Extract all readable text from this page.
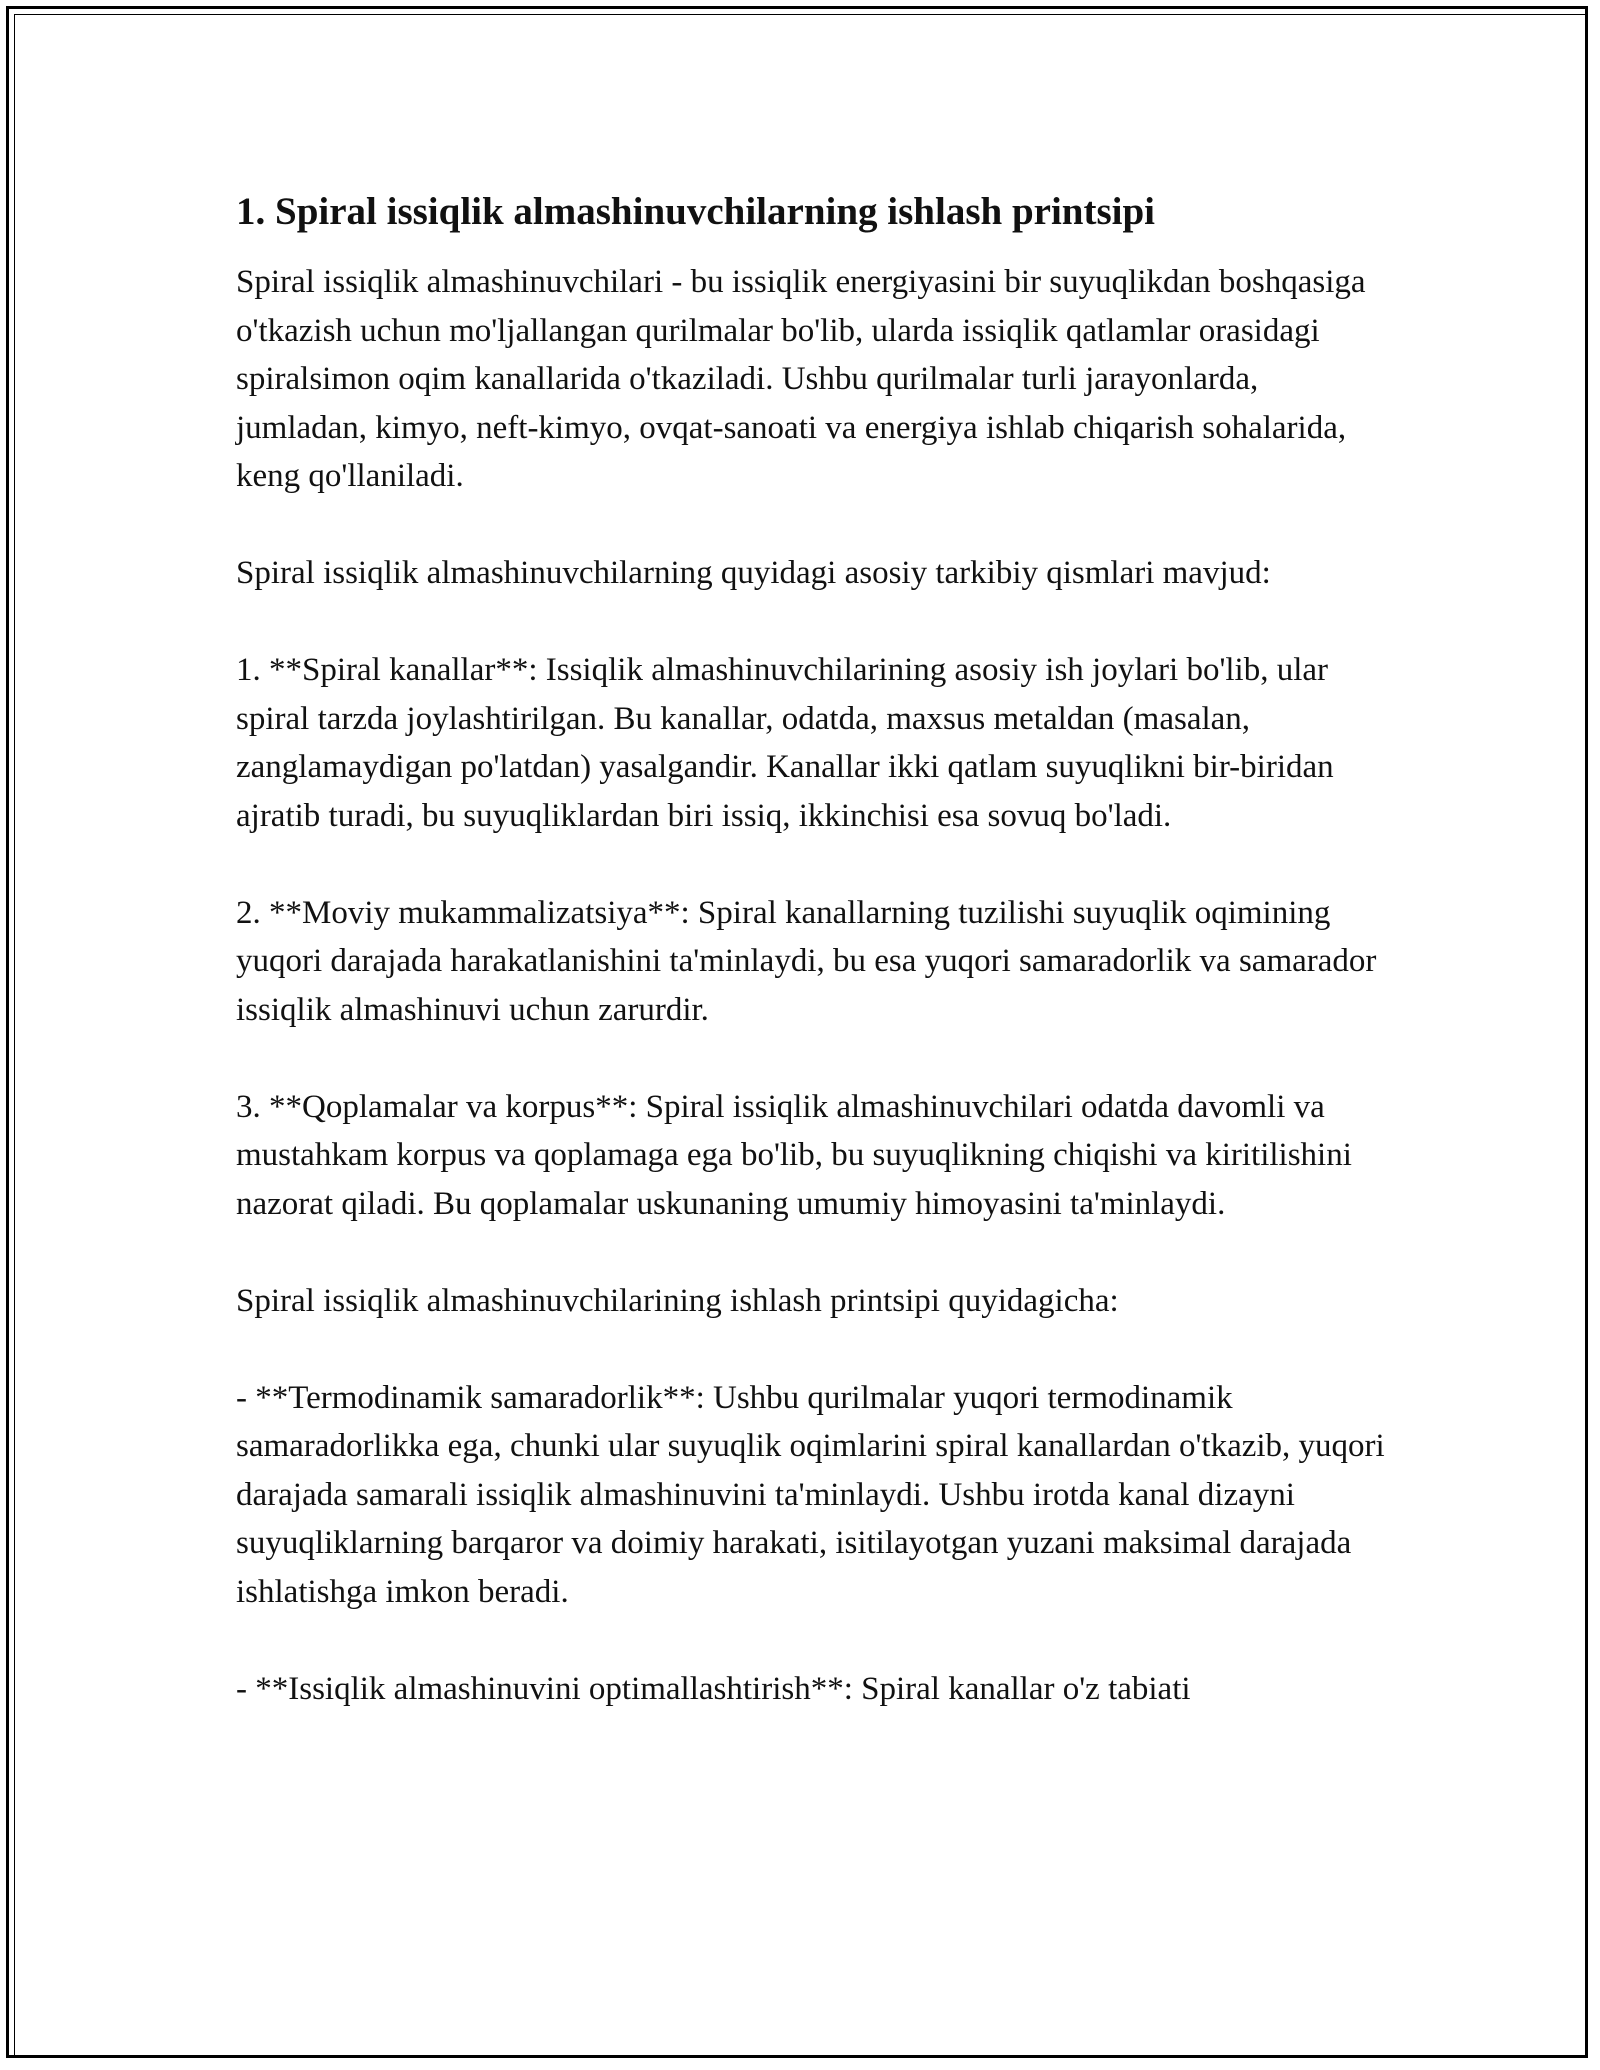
1. Spiral issiqlik almashinuvchilarning ishlash printsipi

Spiral issiqlik almashinuvchilari - bu issiqlik energiyasini bir suyuqlikdan boshqasiga o'tkazish uchun mo'ljallangan qurilmalar bo'lib, ularda issiqlik qatlamlar orasidagi spiralsimon oqim kanallarida o'tkaziladi. Ushbu qurilmalar turli jarayonlarda, jumladan, kimyo, neft-kimyo, ovqat-sanoati va energiya ishlab chiqarish sohalarida, keng qo'llaniladi.

Spiral issiqlik almashinuvchilarning quyidagi asosiy tarkibiy qismlari mavjud:

1. **Spiral kanallar**: Issiqlik almashinuvchilarining asosiy ish joylari bo'lib, ular spiral tarzda joylashtirilgan. Bu kanallar, odatda, maxsus metaldan (masalan, zanglamaydigan po'latdan) yasalgandir. Kanallar ikki qatlam suyuqlikni bir-biridan ajratib turadi, bu suyuqliklardan biri issiq, ikkinchisi esa sovuq bo'ladi.

2. **Moviy mukammalizatsiya**: Spiral kanallarning tuzilishi suyuqlik oqimining yuqori darajada harakatlanishini ta'minlaydi, bu esa yuqori samaradorlik va samarador issiqlik almashinuvi uchun zarurdir.

3. **Qoplamalar va korpus**: Spiral issiqlik almashinuvchilari odatda davomli va mustahkam korpus va qoplamaga ega bo'lib, bu suyuqlikning chiqishi va kiritilishini nazorat qiladi. Bu qoplamalar uskunaning umumiy himoyasini ta'minlaydi.

Spiral issiqlik almashinuvchilarining ishlash printsipi quyidagicha:

- **Termodinamik samaradorlik**: Ushbu qurilmalar yuqori termodinamik samaradorlikka ega, chunki ular suyuqlik oqimlarini spiral kanallardan o'tkazib, yuqori darajada samarali issiqlik almashinuvini ta'minlaydi. Ushbu irotda kanal dizayni suyuqliklarning barqaror va doimiy harakati, isitilayotgan yuzani maksimal darajada ishlatishga imkon beradi.

- **Issiqlik almashinuvini optimallashtirish**: Spiral kanallar o'z tabiati
